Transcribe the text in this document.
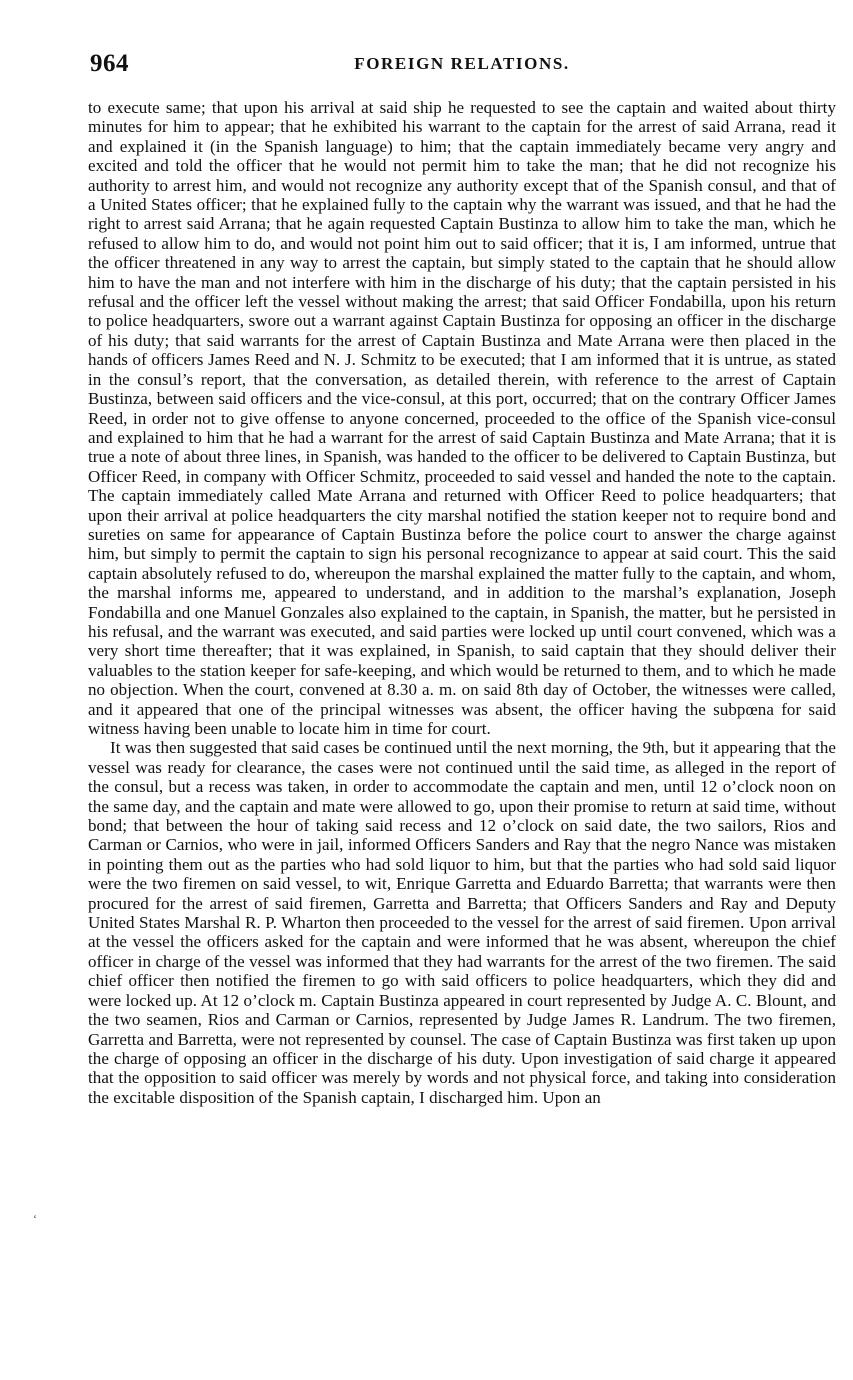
964	FOREIGN RELATIONS.

to execute same; that upon his arrival at said ship he requested to see the captain and waited about thirty minutes for him to appear; that he exhibited his warrant to the captain for the arrest of said Arrana, read it and explained it (in the Spanish language) to him; that the captain immediately became very angry and excited and told the officer that he would not permit him to take the man; that he did not recognize his authority to arrest him, and would not recognize any authority except that of the Spanish consul, and that of a United States officer; that he explained fully to the captain why the warrant was issued, and that he had the right to arrest said Arrana; that he again requested Captain Bustinza to allow him to take the man, which he refused to allow him to do, and would not point him out to said officer; that it is, I am informed, untrue that the officer threatened in any way to arrest the captain, but simply stated to the captain that he should allow him to have the man and not interfere with him in the discharge of his duty; that the captain persisted in his refusal and the officer left the vessel without making the arrest; that said Officer Fondabilla, upon his return to police headquarters, swore out a warrant against Captain Bustinza for opposing an officer in the discharge of his duty; that said warrants for the arrest of Captain Bustinza and Mate Arrana were then placed in the hands of officers James Reed and N. J. Schmitz to be executed; that I am informed that it is untrue, as stated in the consul’s report, that the conversation, as detailed therein, with reference to the arrest of Captain Bustinza, between said officers and the vice-consul, at this port, occurred; that on the contrary Officer James Reed, in order not to give offense to anyone concerned, proceeded to the office of the Spanish vice-consul and explained to him that he had a warrant for the arrest of said Captain Bustinza and Mate Arrana; that it is true a note of about three lines, in Spanish, was handed to the officer to be delivered to Captain Bustinza, but Officer Reed, in company with Officer Schmitz, proceeded to said vessel and handed the note to the captain. The captain immediately called Mate Arrana and returned with Officer Reed to police headquarters; that upon their arrival at police headquarters the city marshal notified the station keeper not to require bond and sureties on same for appearance of Captain Bustinza before the police court to answer the charge against him, but simply to permit the captain to sign his personal recognizance to appear at said court. This the said captain absolutely refused to do, whereupon the marshal explained the matter fully to the captain, and whom, the marshal informs me, appeared to understand, and in addition to the marshal’s explanation, Joseph Fondabilla and one Manuel Gonzales also explained to the captain, in Spanish, the matter, but he persisted in his refusal, and the warrant was executed, and said parties were locked up until court convened, which was a very short time thereafter; that it was explained, in Spanish, to said captain that they should deliver their valuables to the station keeper for safe-keeping, and which would be returned to them, and to which he made no objection. When the court, convened at 8.30 a. m. on said 8th day of October, the witnesses were called, and it appeared that one of the principal witnesses was absent, the officer having the subpœna for said witness having been unable to locate him in time for court.

It was then suggested that said cases be continued until the next morning, the 9th, but it appearing that the vessel was ready for clearance, the cases were not continued until the said time, as alleged in the report of the consul, but a recess was taken, in order to accommodate the captain and men, until 12 o’clock noon on the same day, and the captain and mate were allowed to go, upon their promise to return at said time, without bond; that between the hour of taking said recess and 12 o’clock on said date, the two sailors, Rios and Carman or Carnios, who were in jail, informed Officers Sanders and Ray that the negro Nance was mistaken in pointing them out as the parties who had sold liquor to him, but that the parties who had sold said liquor were the two firemen on said vessel, to wit, Enrique Garretta and Eduardo Barretta; that warrants were then procured for the arrest of said firemen, Garretta and Barretta; that Officers Sanders and Ray and Deputy United States Marshal R. P. Wharton then proceeded to the vessel for the arrest of said firemen. Upon arrival at the vessel the officers asked for the captain and were informed that he was absent, whereupon the chief officer in charge of the vessel was informed that they had warrants for the arrest of the two firemen. The said chief officer then notified the firemen to go with said officers to police headquarters, which they did and were locked up. At 12 o’clock m. Captain Bustinza appeared in court represented by Judge A. C. Blount, and the two seamen, Rios and Carman or Carnios, represented by Judge James R. Landrum. The two firemen, Garretta and Barretta, were not represented by counsel. The case of Captain Bustinza was first taken up upon the charge of opposing an officer in the discharge of his duty. Upon investigation of said charge it appeared that the opposition to said officer was merely by words and not physical force, and taking into consideration the excitable disposition of the Spanish captain, I discharged him. Upon an

‘
